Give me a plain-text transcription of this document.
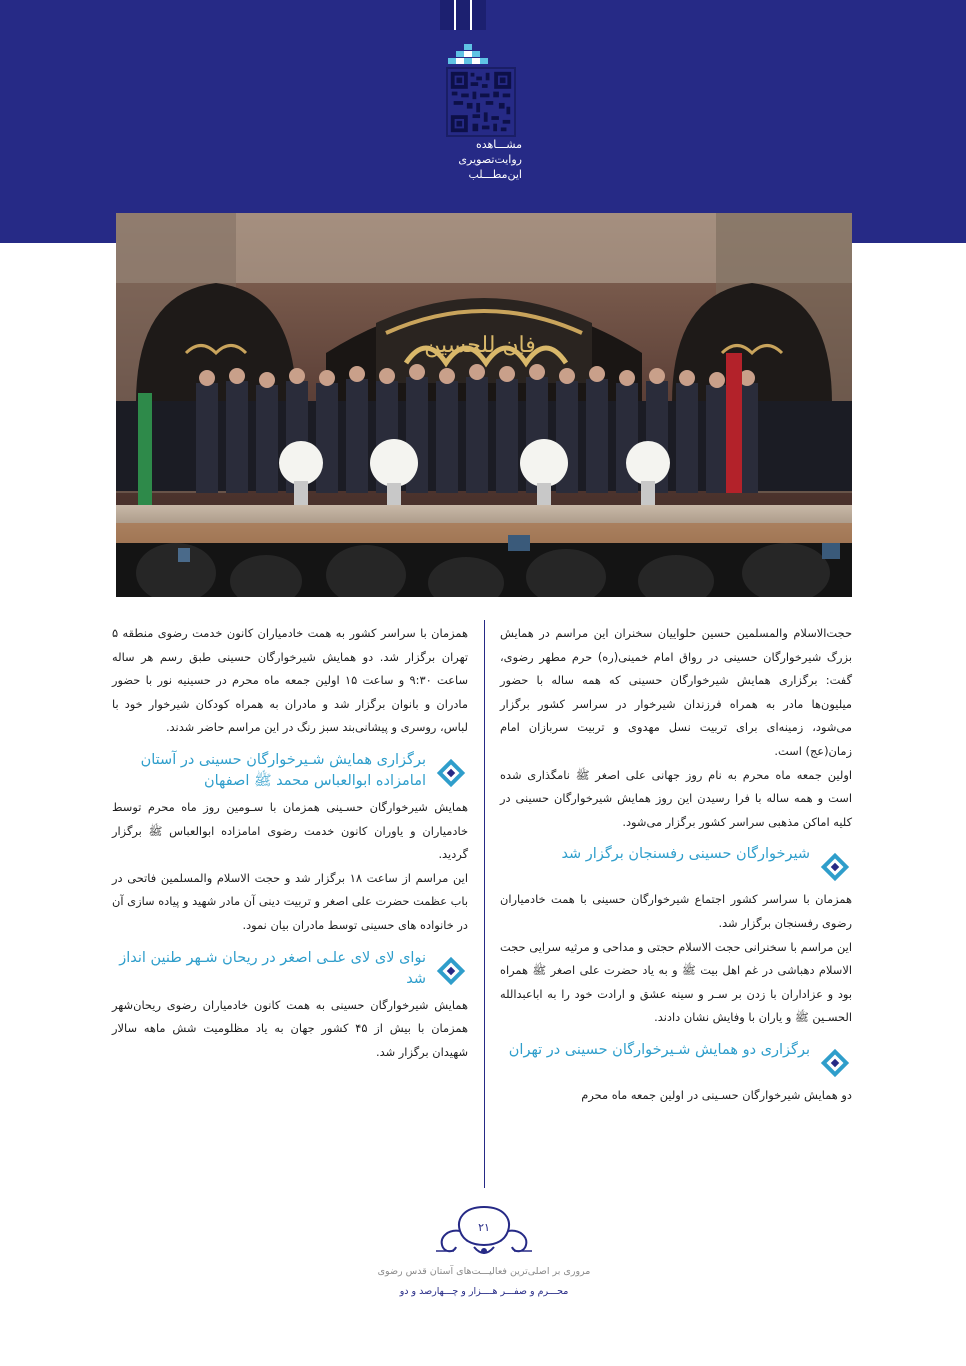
مشـــاهده
روایت‌تصویری
این‌مطـــلب
فإن للحسین

حجت‌الاسلام والمسلمین حسین حلواییان سخنران این مراسم در همایش بزرگ شیرخوارگان حسینی در رواق امام خمینی(ره) حرم مطهر رضوی، گفت: برگزاری همایش شیرخوارگان حسینی که همه ساله با حضور میلیون‌ها مادر به همراه فرزندان شیرخوار در سراسر کشور برگزار می‌شود، زمینه‌ای برای تربیت نسل مهدوی و تربیت سربازان امام زمان(عج) است.

اولین جمعه ماه محرم به نام روز جهانی علی اصغر ﷺ نامگذاری شده است و همه ساله با فرا رسیدن این روز همایش شیرخوارگان حسینی در کلیه اماکن مذهبی سراسر کشور برگزار می‌شود.

شیرخوارگان حسینی رفسنجان برگزار شد

همزمان با سراسر کشور اجتماع شیرخوارگان حسینی با همت خادمیاران رضوی رفسنجان برگزار شد.

این مراسم با سخنرانی حجت الاسلام حجتی و مداحی و مرثیه سرایی حجت الاسلام دهباشی در غم اهل بیت ﷺ و به یاد حضرت علی اصغر ﷺ همراه بود و عزاداران با زدن بر سـر و سینه عشق و ارادت خود را به اباعبدالله الحسـین ﷺ و یاران با وفایش نشان دادند.

برگزاری دو همایش شـیرخوارگان حسینی در تهران

دو همایش شیرخوارگان حسـینی در اولین جمعه ماه محرم

همزمان با سراسر کشور به همت خادمیاران کانون خدمت رضوی منطقه ۵ تهران برگزار شد. دو همایش شیرخوارگان حسینی طبق رسم هر ساله ساعت ۹:۳۰ و ساعت ۱۵ اولین جمعه ماه محرم در حسینیه نور با حضور مادران و بانوان برگزار شد و مادران به همراه کودکان شیرخوار خود با لباس، روسری و پیشانی‌بند سبز رنگ در این مراسم حاضر شدند.

برگزاری همایش شـیرخوارگان حسینی در آستان امامزاده ابوالعباس محمد ﷺ اصفهان

همایش شیرخوارگان حسـینی همزمان با سـومین روز ماه محرم توسط خادمیاران و یاوران کانون خدمت رضوی امامزاده ابوالعباس ﷺ برگزار گردید.

این مراسم از ساعت ۱۸ برگزار شد و حجت الاسلام والمسلمین فاتحی در باب عظمت حضرت علی اصغر و تربیت دینی آن مادر شهید و پیاده سازی آن در خانواده های حسینی توسط مادران بیان نمود.

نوای لای لای علـی اصغر در ریحان شـهر طنین انداز شد

همایش شیرخوارگان حسینی به همت کانون خادمیاران رضوی ریحان‌شهر همزمان با بیش از ۴۵ کشور جهان به یاد مظلومیت شش ماهه سالار شهیدان برگزار شد.

۲۱
مروری بر اصلی‌ترین فعالیـــت‌های آستان قدس رضوی
محـــرم و صفـــر هــــزار و چـــهارصد و دو
